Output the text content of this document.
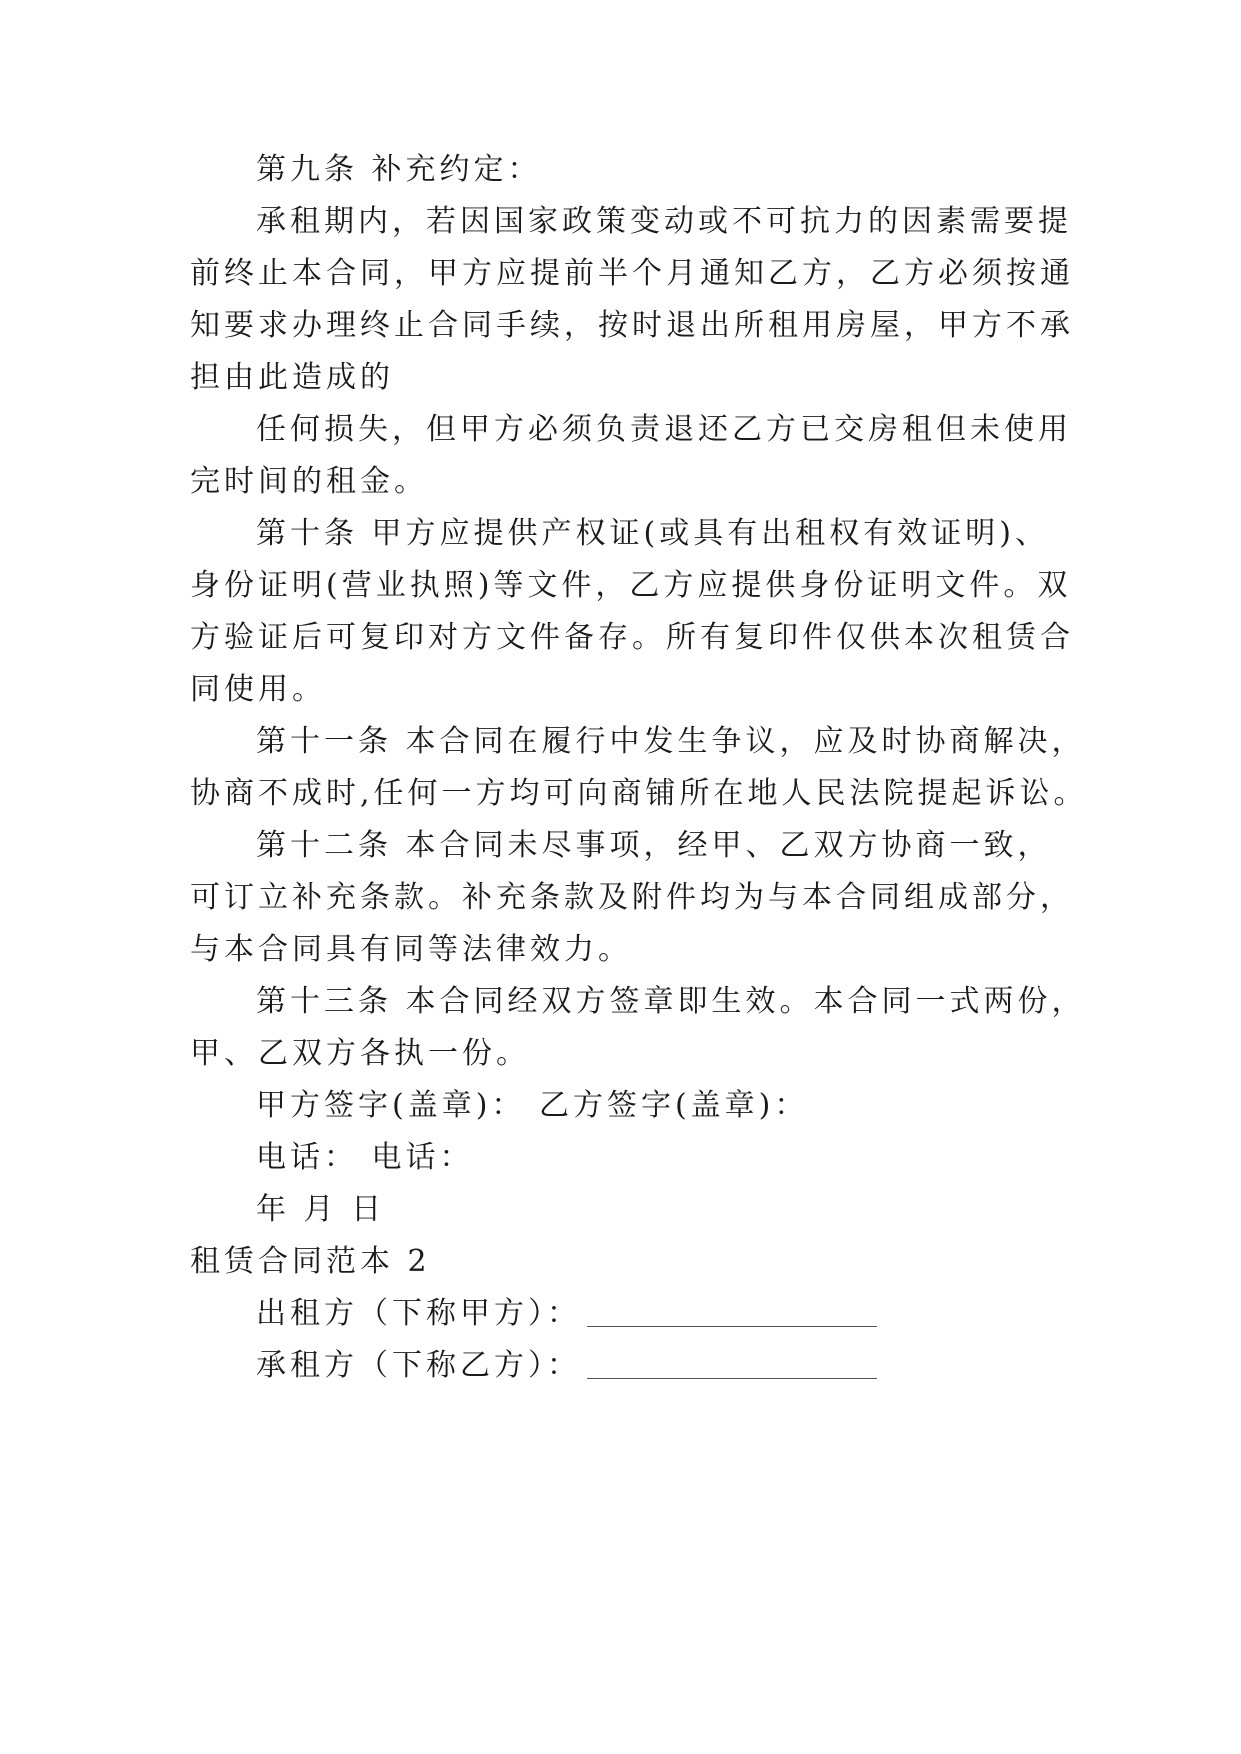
第九条 补充约定：
承租期内，若因国家政策变动或不可抗力的因素需要提
前终止本合同，甲方应提前半个月通知乙方，乙方必须按通
知要求办理终止合同手续，按时退出所租用房屋，甲方不承
担由此造成的
任何损失，但甲方必须负责退还乙方已交房租但未使用
完时间的租金。
第十条 甲方应提供产权证(或具有出租权有效证明)、
身份证明(营业执照)等文件，乙方应提供身份证明文件。双
方验证后可复印对方文件备存。所有复印件仅供本次租赁合
同使用。
第十一条 本合同在履行中发生争议，应及时协商解决，
协商不成时,任何一方均可向商铺所在地人民法院提起诉讼。
第十二条 本合同未尽事项，经甲、乙双方协商一致，
可订立补充条款。补充条款及附件均为与本合同组成部分，
与本合同具有同等法律效力。
第十三条 本合同经双方签章即生效。本合同一式两份，
甲、乙双方各执一份。
甲方签字(盖章)： 乙方签字(盖章)：
电话： 电话：
年 月 日
租赁合同范本 2
出租方（下称甲方）：
承租方（下称乙方）：
